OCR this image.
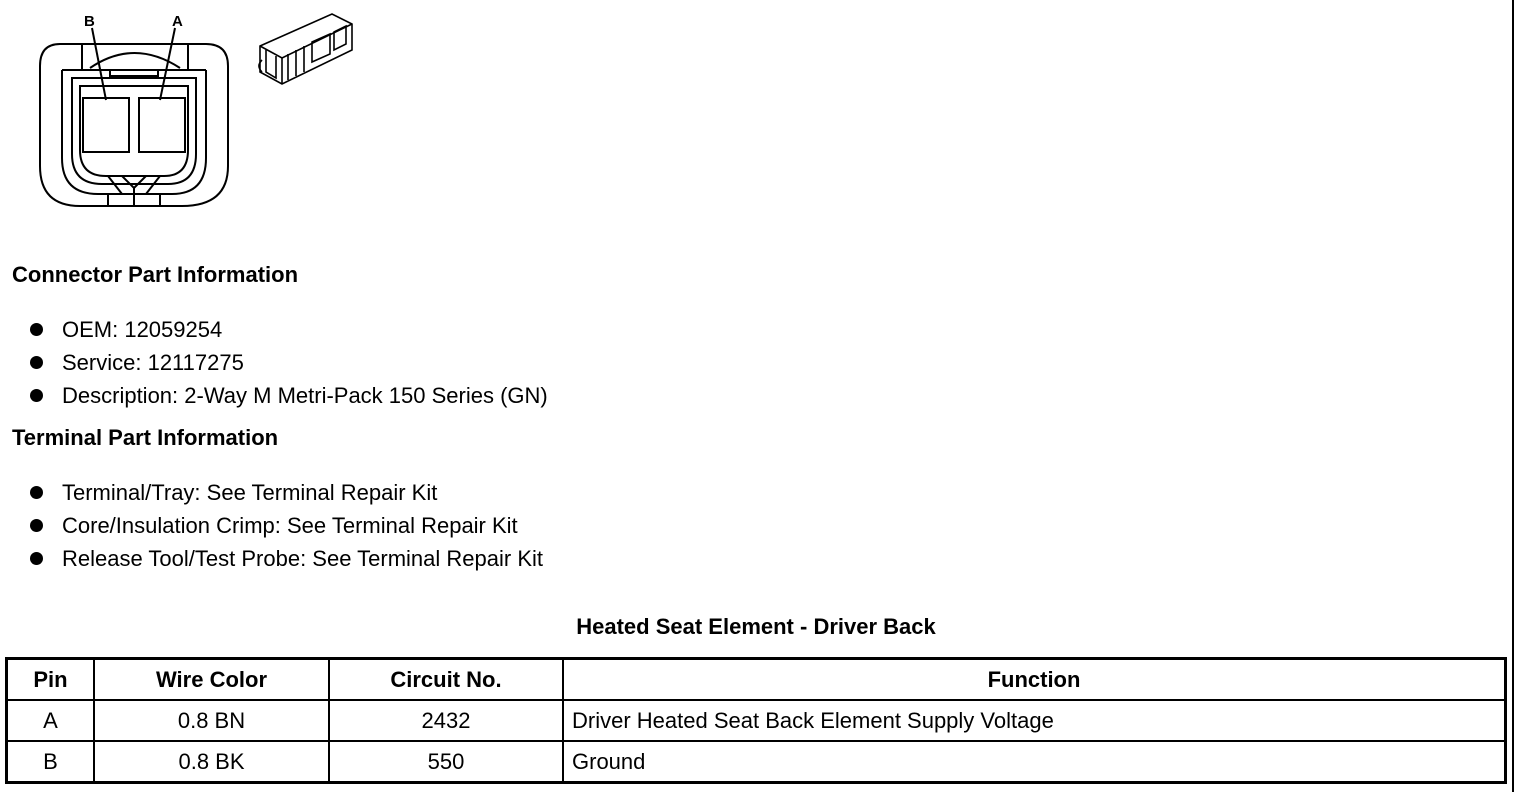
B	A
Connector Part Information
OEM: 12059254
Service: 12117275
Description: 2-Way M Metri-Pack 150 Series (GN)
Terminal Part Information
Terminal/Tray: See Terminal Repair Kit
Core/Insulation Crimp: See Terminal Repair Kit
Release Tool/Test Probe: See Terminal Repair Kit
Heated Seat Element - Driver Back
Pin	Wire Color	Circuit No.	Function
A	0.8 BN	2432	Driver Heated Seat Back Element Supply Voltage
B	0.8 BK	550	Ground
